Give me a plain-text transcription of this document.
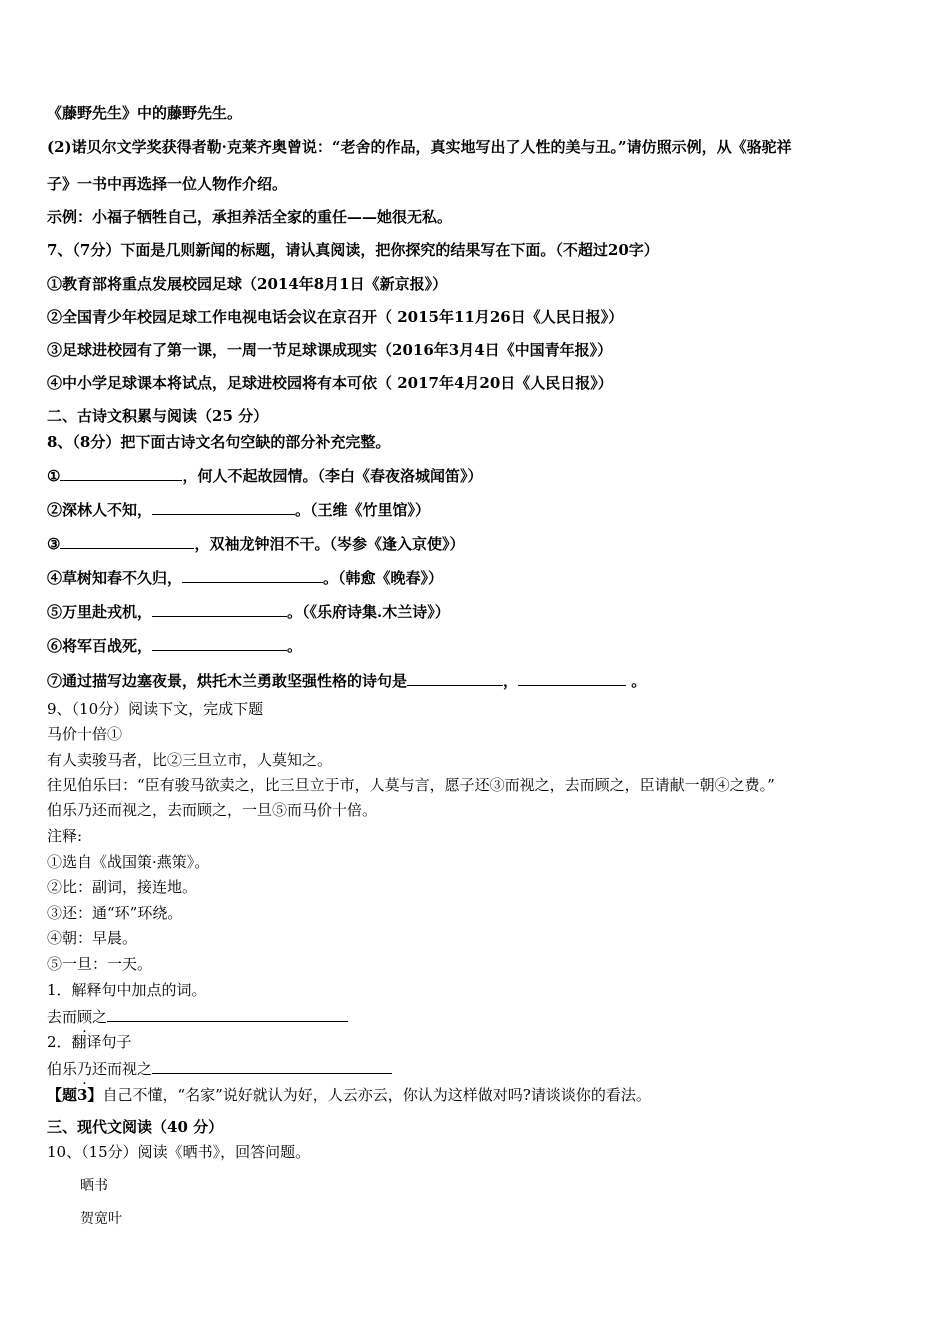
《藤野先生》中的藤野先生。
(2)诺贝尔文学奖获得者勒·克莱齐奥曾说：“老舍的作品，真实地写出了人性的美与丑。”请仿照示例，从《骆驼祥
子》一书中再选择一位人物作介绍。
示例：小福子牺牲自己，承担养活全家的重任——她很无私。
7、（7分）下面是几则新闻的标题，请认真阅读，把你探究的结果写在下面。（不超过20字）
①教育部将重点发展校园足球（2014年8月1日《新京报》）
②全国青少年校园足球工作电视电话会议在京召开（ 2015年11月26日《人民日报》）
③足球进校园有了第一课，一周一节足球课成现实（2016年3月4日《中国青年报》）
④中小学足球课本将试点，足球进校园将有本可依（ 2017年4月20日《人民日报》）
二、古诗文积累与阅读（25 分）
8、（8分）把下面古诗文名句空缺的部分补充完整。
①	，何人不起故园情。（李白《春夜洛城闻笛》）
②深林人不知，	。（王维《竹里馆》）
③	，双袖龙钟泪不干。（岑参《逢入京使》）
④草树知春不久归，	。（韩愈《晚春》）
⑤万里赴戎机，	。（《乐府诗集.木兰诗》）
⑥将军百战死，	。
⑦通过描写边塞夜景，烘托木兰勇敢坚强性格的诗句是	，	。
9、（10分）阅读下文，完成下题
马价十倍①
有人卖骏马者，比②三旦立市，人莫知之。
往见伯乐曰：“臣有骏马欲卖之，比三旦立于市，人莫与言，愿子还③而视之，去而顾之，臣请献一朝④之费。”
伯乐乃还而视之，去而顾之，一旦⑤而马价十倍。
注释:
①选自《战国策·燕策》。
②比：副词，接连地。
③还：通“环”环绕。
④朝：早晨。
⑤一旦：一天。
1．解释句中加点的词。
去而顾之
2．翻译句子
伯乐乃还而视之
【题3】自己不懂，“名家”说好就认为好，人云亦云，你认为这样做对吗?请谈谈你的看法。
三、现代文阅读（40 分）
10、（15分）阅读《晒书》，回答问题。
晒书
贺宽叶
